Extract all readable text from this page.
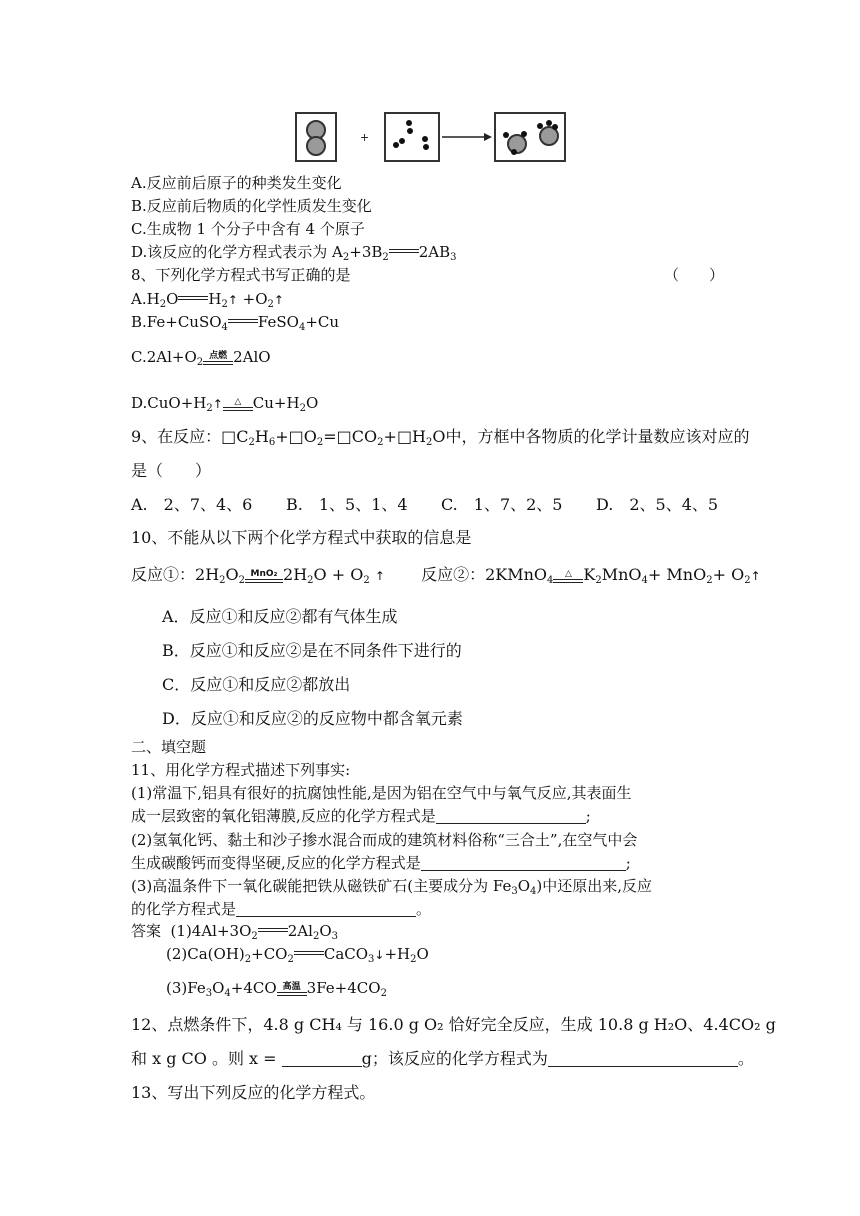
+
A.反应前后原子的种类发生变化
B.反应前后物质的化学性质发生变化
C.生成物 1 个分子中含有 4 个原子
D.该反应的化学方程式表示为 $A_2+3B_2$ $2AB_3$
8、下列化学方程式书写正确的是	（　　）
$A.H_2O$ $H_2↑$ $+O_2↑$
B.Fe+CuSO$_4$ FeSO$_4$+Cu
$C.2Al+O_2$
点燃 2AlO
$D.CuO+H_2↑$	△ $Cu+H_2O$
9、在反应：$□C_2H_6+□O_2=□CO_2+□H_2O$中，方框中各物质的化学计量数应该对应的
是（　　）
A.　2、7、4、6 B.　1、5、1、4 C.　1、7、2、5 D.　2、5、4、5
10、不能从以下两个化学方程式中获取的信息是
反应①：$2H_2O_2$
MnO₂ $2H_2O + O_2$ ↑ 反应②：2KMnO$_4$
△ $K_2MnO_4+ MnO_2+$ $O_2↑$
A．反应①和反应②都有气体生成
B．反应①和反应②是在不同条件下进行的
C．反应①和反应②都放出
D．反应①和反应②的反应物中都含氧元素
二、填空题
11、用化学方程式描述下列事实:
(1)常温下,铝具有很好的抗腐蚀性能,是因为铝在空气中与氧气反应,其表面生
成一层致密的氧化铝薄膜,反应的化学方程式是	;
(2)氢氧化钙、黏土和沙子掺水混合而成的建筑材料俗称“三合土”,在空气中会
生成碳酸钙而变得坚硬,反应的化学方程式是	;
(3)高温条件下一氧化碳能把铁从磁铁矿石(主要成分为 $Fe_3O_4$)中还原出来,反应
的化学方程式是	。
答案  $(1)4Al+3O_2$ $2Al_2O_3$
$(2)Ca(OH)_2+CO_2$ $CaCO_3↓+H_2O$
$(3)Fe_3O_4+4CO$ 高温 $3Fe+4CO_2$
12、点燃条件下，4.8 g CH₄ 与 16.0 g O₂ 恰好完全反应，生成 10.8 g H₂O、4.4CO₂ g
和 x g CO 。则 x =	g；该反应的化学方程式为	。
13、写出下列反应的化学方程式。
